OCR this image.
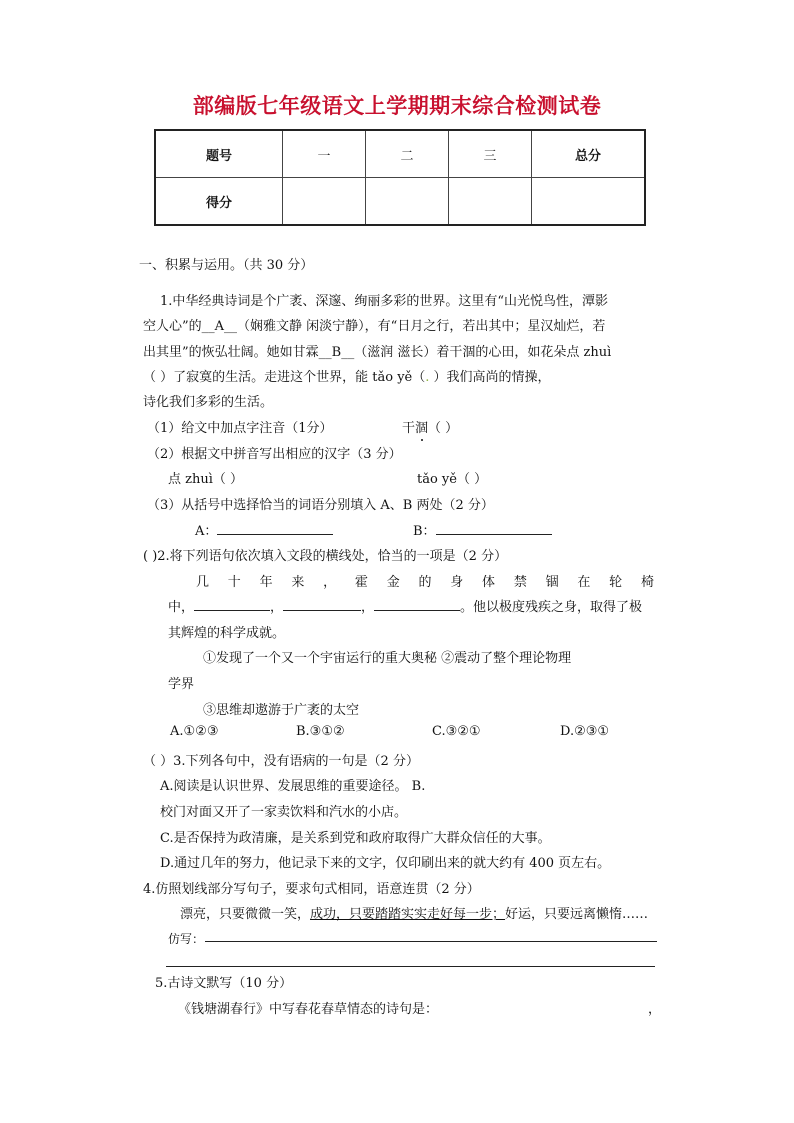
部编版七年级语文上学期期末综合检测试卷
题号	一	二	三	总分
得分				
一、积累与运用。（共 30 分）
1.中华经典诗词是个广袤、深邃、绚丽多彩的世界。这里有“山光悦鸟性，潭影
空人心”的__A__（娴雅文静 闲淡宁静），有“日月之行，若出其中；星汉灿烂，若
出其里”的恢弘壮阔。她如甘霖__B__（滋润 滋长）着干涸的心田，如花朵点 zhuì
（ ）了寂寞的生活。走进这个世界，能 tǎo yě（. ）我们高尚的情操，
诗化我们多彩的生活。
（1）给文中加点字注音（1分）	干涸（ ）
（2）根据文中拼音写出相应的汉字（3 分）
点 zhuì（ ）	tǎo yě（ ）
（3）从括号中选择恰当的词语分别填入 A、B 两处（2 分）
A：	B：
( )2.将下列语句依次填入文段的横线处，恰当的一项是（2 分）
几 十 年 来 ， 霍 金 的 身 体 禁 锢 在 轮 椅
中，	，	，	。他以极度残疾之身，取得了极
其辉煌的科学成就。
①发现了一个又一个宇宙运行的重大奥秘 ②震动了整个理论物理
学界
③思维却遨游于广袤的太空
A.①②③	B.③①②	C.③②①	D.②③①
（ ）3.下列各句中，没有语病的一句是（2 分）
A.阅读是认识世界、发展思维的重要途径。 B.
校门对面又开了一家卖饮料和汽水的小店。
C.是否保持为政清廉，是关系到党和政府取得广大群众信任的大事。
D.通过几年的努力，他记录下来的文字，仅印刷出来的就大约有 400 页左右。
4.仿照划线部分写句子，要求句式相同，语意连贯（2 分）
漂亮，只要微微一笑，成功，只要踏踏实实走好每一步；好运，只要远离懒惰……
仿写：
5.古诗文默写（10 分）
《钱塘湖春行》中写春花春草情态的诗句是：	，
